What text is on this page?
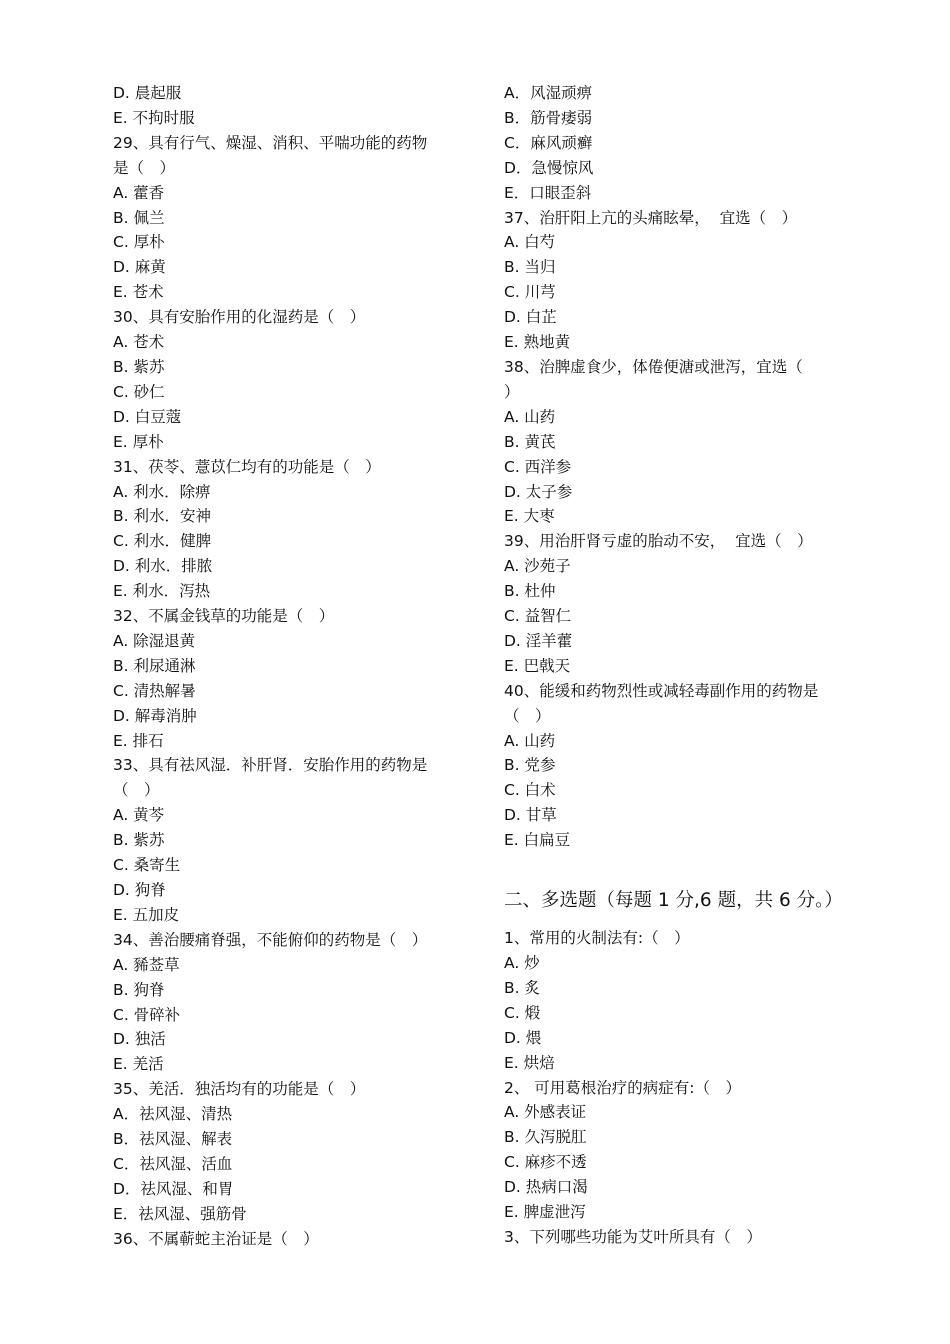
D. 晨起服
E. 不拘时服
29、具有行气、燥湿、消积、平喘功能的药物
是（　）
A. 藿香
B. 佩兰
C. 厚朴
D. 麻黄
E. 苍术
30、具有安胎作用的化湿药是（　）
A. 苍术
B. 紫苏
C. 砂仁
D. 白豆蔻
E. 厚朴
31、茯苓、薏苡仁均有的功能是（　）
A. 利水．除痹
B. 利水．安神
C. 利水．健脾
D. 利水．排脓
E. 利水．泻热
32、不属金钱草的功能是（　）
A. 除湿退黄
B. 利尿通淋
C. 清热解暑
D. 解毒消肿
E. 排石
33、具有祛风湿．补肝肾．安胎作用的药物是
（　）
A. 黄芩
B. 紫苏
C. 桑寄生
D. 狗脊
E. 五加皮
34、善治腰痛脊强，不能俯仰的药物是（　）
A. 豨莶草
B. 狗脊
C. 骨碎补
D. 独活
E. 羌活
35、羌活．独活均有的功能是（　）
A．祛风湿、清热
B．祛风湿、解表
C．祛风湿、活血
D．祛风湿、和胃
E．祛风湿、强筋骨
36、不属蕲蛇主治证是（　）
A．风湿顽痹
B．筋骨痿弱
C．麻风顽癣
D．急慢惊风
E．口眼歪斜
37、治肝阳上亢的头痛眩晕，  宜选（　）
A. 白芍
B. 当归
C. 川芎
D. 白芷
E. 熟地黄
38、治脾虚食少，体倦便溏或泄泻，宜选（
）
A. 山药
B. 黄芪
C. 西洋参
D. 太子参
E. 大枣
39、用治肝肾亏虚的胎动不安，  宜选（　）
A. 沙苑子
B. 杜仲
C. 益智仁
D. 淫羊藿
E. 巴戟天
40、能缓和药物烈性或减轻毒副作用的药物是
（　）
A. 山药
B. 党参
C. 白术
D. 甘草
E. 白扁豆
二、多选题（每题 1 分,6 题，共 6 分。）
1、常用的火制法有:（　）
A. 炒
B. 炙
C. 煅
D. 煨
E. 烘焙
2、 可用葛根治疗的病症有:（　）
A. 外感表证
B. 久泻脱肛
C. 麻疹不透
D. 热病口渴
E. 脾虚泄泻
3、下列哪些功能为艾叶所具有（　）
